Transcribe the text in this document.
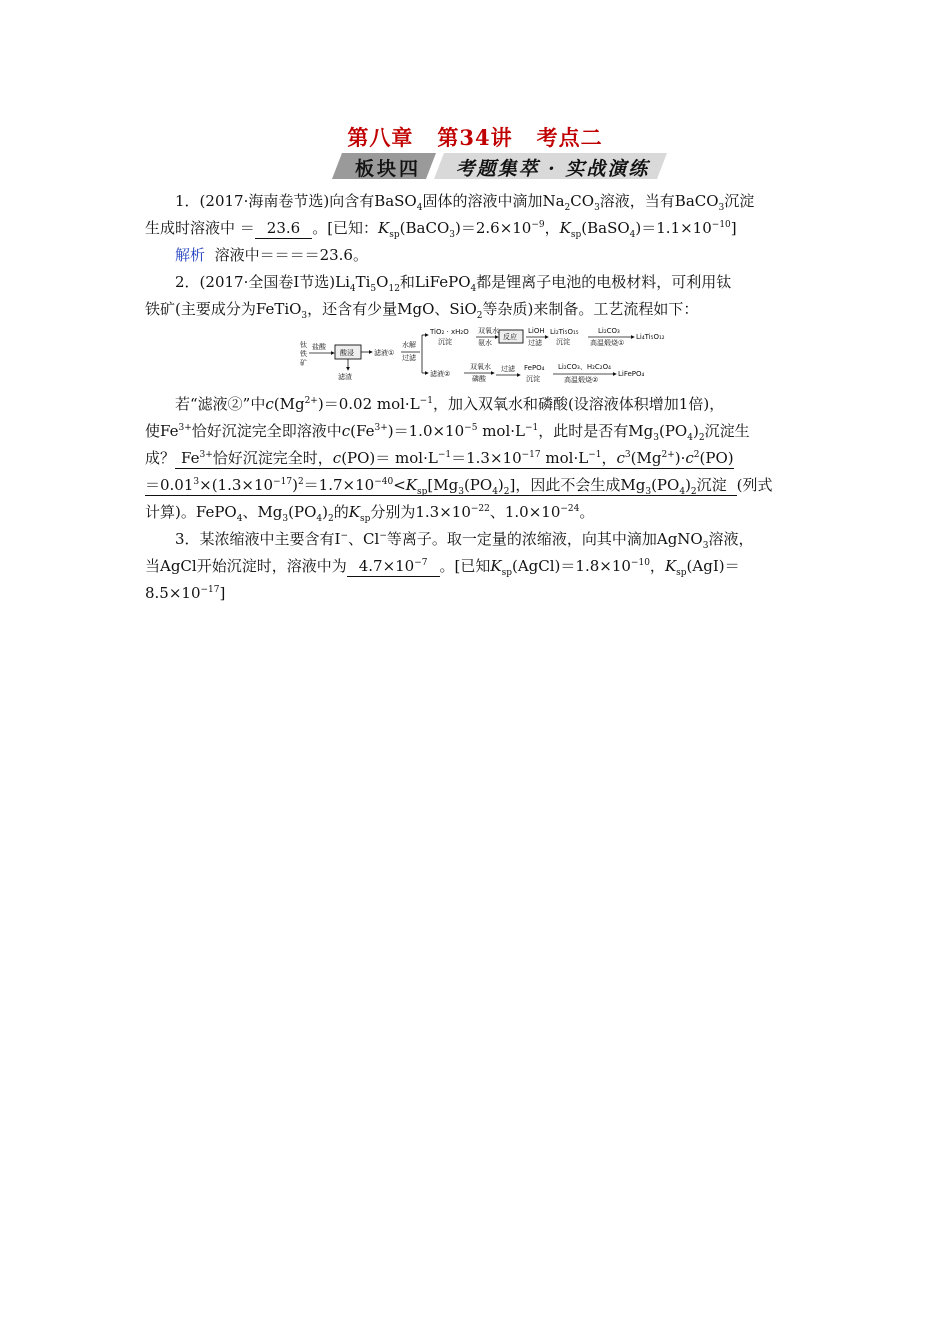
第八章 第34讲 考点二
板块四	考题集萃 · 实战演练

1．(2017·海南卷节选)向含有BaSO$_4$固体的溶液中滴加$Na_2CO_3$溶液，当有BaCO$_3$沉淀

生成时溶液中 ＝ 23.6 。[已知：$K_{sp}(BaCO_3)=2.6\times 10^{-9}$，$K_{sp}(BaSO_4)=1.1\times 10^{-10}$]

解析 溶液中＝＝＝＝23.6。

2．(2017·全国卷Ⅰ节选)$Li_4Ti_5O_{12}$和LiFePO$_4$都是锂离子电池的电极材料，可利用钛

铁矿(主要成分为FeTiO$_3$，还含有少量MgO、SiO$_2$等杂质)来制备。工艺流程如下：

钛
铁
矿
盐酸
酸浸
滤渣
滤液①
水解
过滤
TiO₂ · xH₂O
沉淀
双氧水
氨水
反应
LiOH
过滤
Li₂Ti₅O₁₅
沉淀
Li₂CO₃
高温煅烧①
Li₄Ti₅O₁₂
滤液②
双氧水
磷酸
过滤 FePO₄
沉淀
Li₂CO₃、H₂C₂O₄
高温煅烧②
LiFePO₄

若“滤液②”中$c(Mg^{2+})=0.02$ $mol\cdot L^{-1}$，加入双氧水和磷酸(设溶液体积增加1倍)，

使$Fe^{3+}$恰好沉淀完全即溶液中$c(Fe^{3+})=1.0\times 10^{-5}$ $mol\cdot L^{-1}$，此时是否有$Mg_3(PO_4)_2$沉淀生

成？ $Fe^{3+}$恰好沉淀完全时，$c(PO)= mol\cdot L^{-1}=1.3\times 10^{-17}$ $mol\cdot L^{-1}$，$c^3(Mg^{2+})\cdot c^2(PO)$

$=0.01^3\times(1.3\times 10^{-17})^2=1.7\times 10^{-40}<K_{sp}[Mg_3(PO_4)_2]$，因此不会生成$Mg_3(PO_4)_2$沉淀 (列式

计算)。FePO$_4$、$Mg_3(PO_4)_2$的$K_{sp}$分别为$1.3\times 10^{-22}$、$1.0\times 10^{-24}$。

3．某浓缩液中主要含有I−、Cl−等离子。取一定量的浓缩液，向其中滴加AgNO$_3$溶液，

当AgCl开始沉淀时，溶液中为 $4.7\times 10^{-7}$ 。[已知$K_{sp}(AgCl)=1.8\times 10^{-10}$，$K_{sp}(AgI)=$

$8.5\times 10^{-17}$]
